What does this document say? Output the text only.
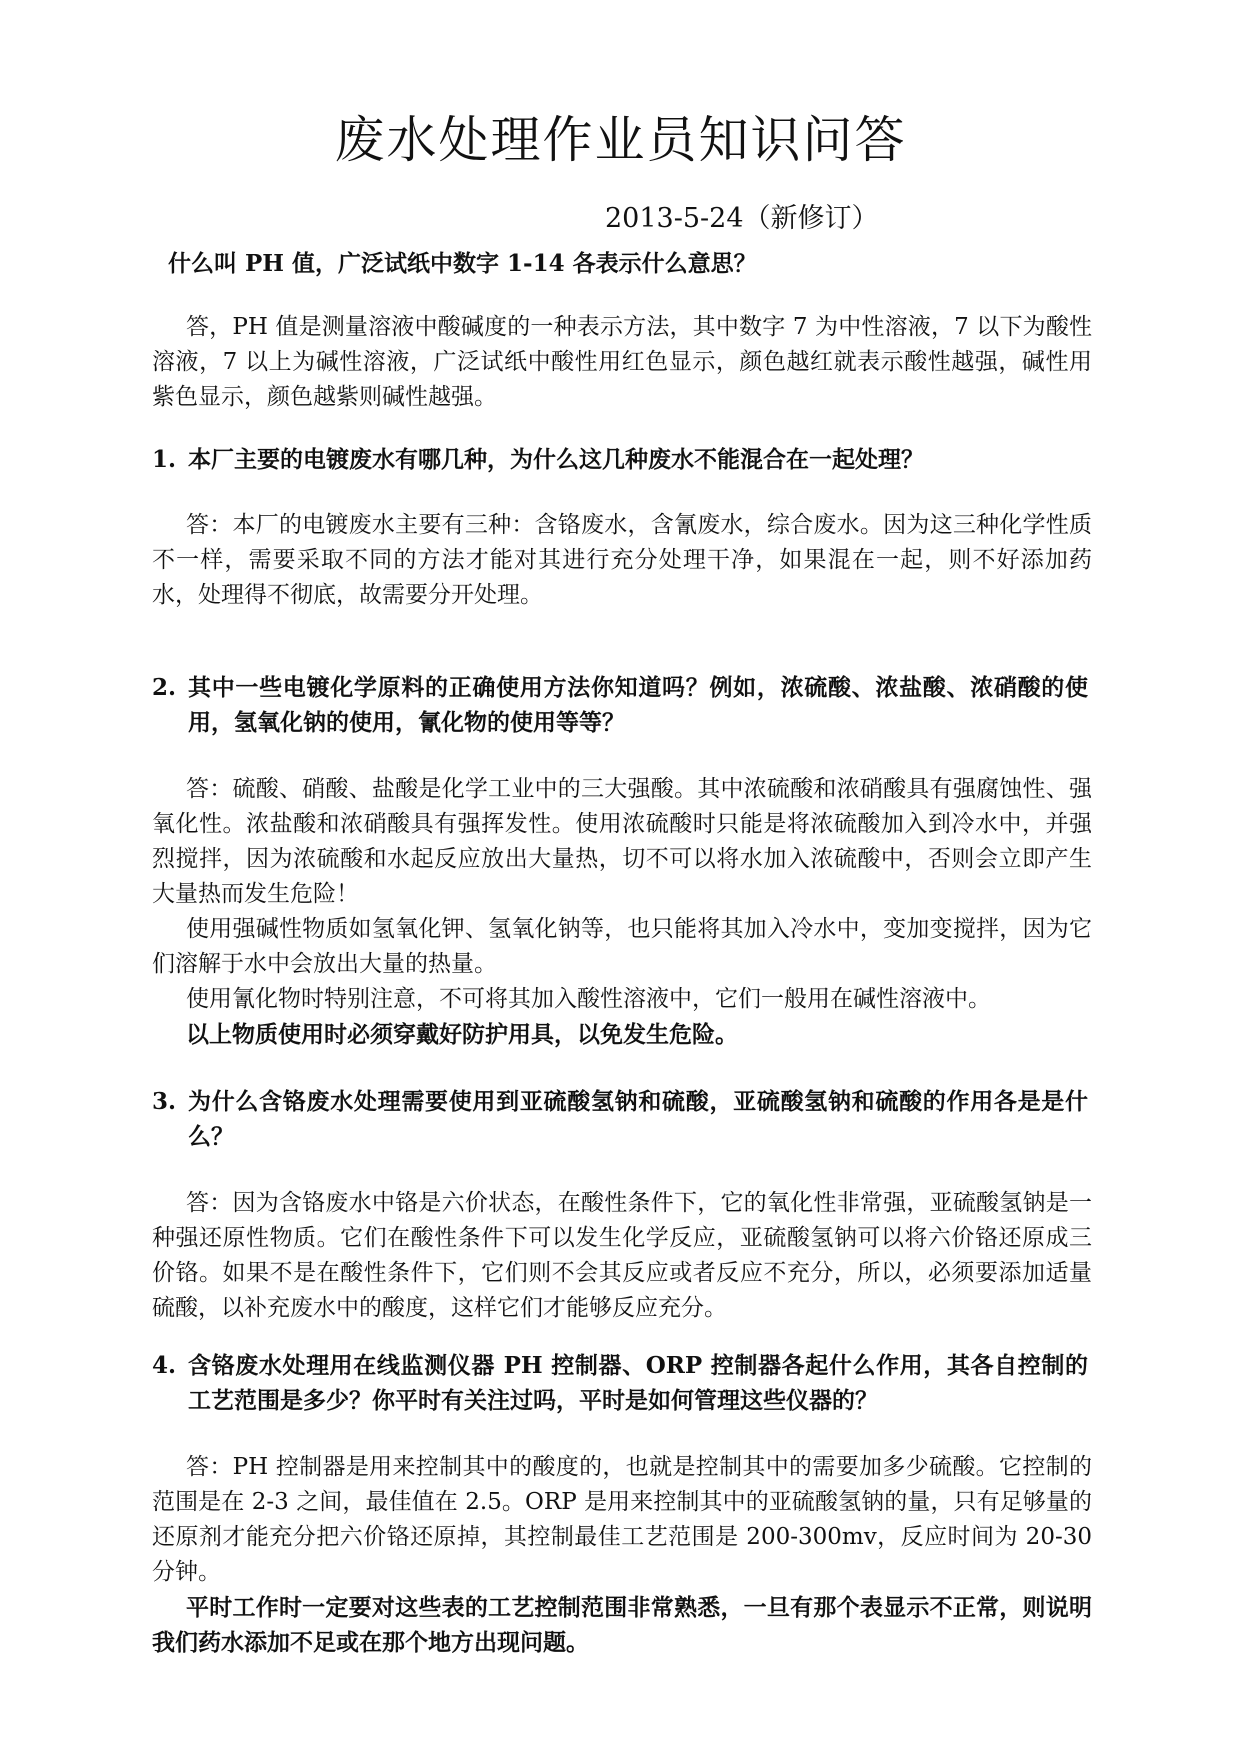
废水处理作业员知识问答

2013-5-24（新修订）

什么叫 PH 值，广泛试纸中数字 1-14 各表示什么意思？

答，PH 值是测量溶液中酸碱度的一种表示方法，其中数字 7 为中性溶液，7 以下为酸性溶液，7 以上为碱性溶液，广泛试纸中酸性用红色显示，颜色越红就表示酸性越强，碱性用紫色显示，颜色越紫则碱性越强。

1. 本厂主要的电镀废水有哪几种，为什么这几种废水不能混合在一起处理？

答：本厂的电镀废水主要有三种：含铬废水，含氰废水，综合废水。因为这三种化学性质不一样，需要采取不同的方法才能对其进行充分处理干净，如果混在一起，则不好添加药水，处理得不彻底，故需要分开处理。

2. 其中一些电镀化学原料的正确使用方法你知道吗？例如，浓硫酸、浓盐酸、浓硝酸的使用，氢氧化钠的使用，氰化物的使用等等？

答：硫酸、硝酸、盐酸是化学工业中的三大强酸。其中浓硫酸和浓硝酸具有强腐蚀性、强氧化性。浓盐酸和浓硝酸具有强挥发性。使用浓硫酸时只能是将浓硫酸加入到冷水中，并强烈搅拌，因为浓硫酸和水起反应放出大量热，切不可以将水加入浓硫酸中，否则会立即产生大量热而发生危险！

使用强碱性物质如氢氧化钾、氢氧化钠等，也只能将其加入冷水中，变加变搅拌，因为它们溶解于水中会放出大量的热量。

使用氰化物时特别注意，不可将其加入酸性溶液中，它们一般用在碱性溶液中。

以上物质使用时必须穿戴好防护用具，以免发生危险。

3. 为什么含铬废水处理需要使用到亚硫酸氢钠和硫酸，亚硫酸氢钠和硫酸的作用各是是什么？

答：因为含铬废水中铬是六价状态，在酸性条件下，它的氧化性非常强，亚硫酸氢钠是一种强还原性物质。它们在酸性条件下可以发生化学反应，亚硫酸氢钠可以将六价铬还原成三价铬。如果不是在酸性条件下，它们则不会其反应或者反应不充分，所以，必须要添加适量硫酸，以补充废水中的酸度，这样它们才能够反应充分。

4. 含铬废水处理用在线监测仪器 PH 控制器、ORP 控制器各起什么作用，其各自控制的工艺范围是多少？你平时有关注过吗，平时是如何管理这些仪器的？

答：PH 控制器是用来控制其中的酸度的，也就是控制其中的需要加多少硫酸。它控制的范围是在 2-3 之间，最佳值在 2.5。ORP 是用来控制其中的亚硫酸氢钠的量，只有足够量的还原剂才能充分把六价铬还原掉，其控制最佳工艺范围是 200-300mv，反应时间为 20-30 分钟。

平时工作时一定要对这些表的工艺控制范围非常熟悉，一旦有那个表显示不正常，则说明我们药水添加不足或在那个地方出现问题。
